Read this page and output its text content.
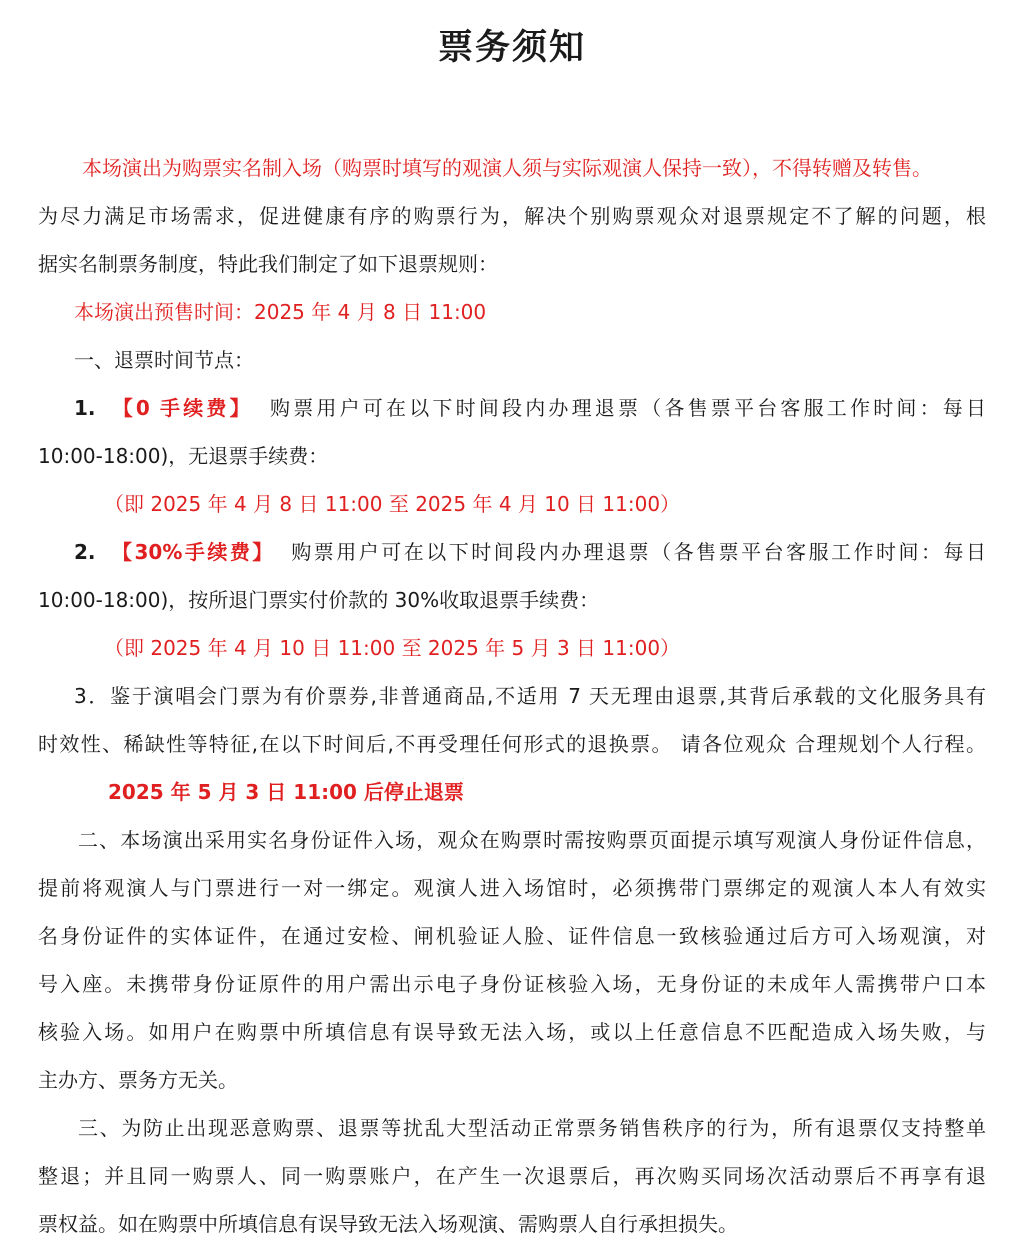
票务须知
本场演出为购票实名制入场（购票时填写的观演人须与实际观演人保持一致），不得转赠及转售。
为尽力满足市场需求，促进健康有序的购票行为，解决个别购票观众对退票规定不了解的问题，根
据实名制票务制度，特此我们制定了如下退票规则：
本场演出预售时间：2025 年 4 月 8 日 11:00
一、退票时间节点：
1. 【0 手续费】 购票用户可在以下时间段内办理退票（各售票平台客服工作时间：每日
10:00-18:00)，无退票手续费：
（即 2025 年 4 月 8 日 11:00 至 2025 年 4 月 10 日 11:00）
2. 【30%手续费】 购票用户可在以下时间段内办理退票（各售票平台客服工作时间：每日
10:00-18:00)，按所退门票实付价款的 30%收取退票手续费：
（即 2025 年 4 月 10 日 11:00 至 2025 年 5 月 3 日 11:00）
3．鉴于演唱会门票为有价票券,非普通商品,不适用 7 天无理由退票,其背后承载的文化服务具有
时效性、稀缺性等特征,在以下时间后,不再受理任何形式的退换票。 请各位观众 合理规划个人行程。
2025 年 5 月 3 日 11:00 后停止退票
二、本场演出采用实名身份证件入场，观众在购票时需按购票页面提示填写观演人身份证件信息，
提前将观演人与门票进行一对一绑定。观演人进入场馆时，必须携带门票绑定的观演人本人有效实
名身份证件的实体证件，在通过安检、闸机验证人脸、证件信息一致核验通过后方可入场观演，对
号入座。未携带身份证原件的用户需出示电子身份证核验入场，无身份证的未成年人需携带户口本
核验入场。如用户在购票中所填信息有误导致无法入场，或以上任意信息不匹配造成入场失败，与
主办方、票务方无关。
三、为防止出现恶意购票、退票等扰乱大型活动正常票务销售秩序的行为，所有退票仅支持整单
整退；并且同一购票人、同一购票账户，在产生一次退票后，再次购买同场次活动票后不再享有退
票权益。如在购票中所填信息有误导致无法入场观演、需购票人自行承担损失。
